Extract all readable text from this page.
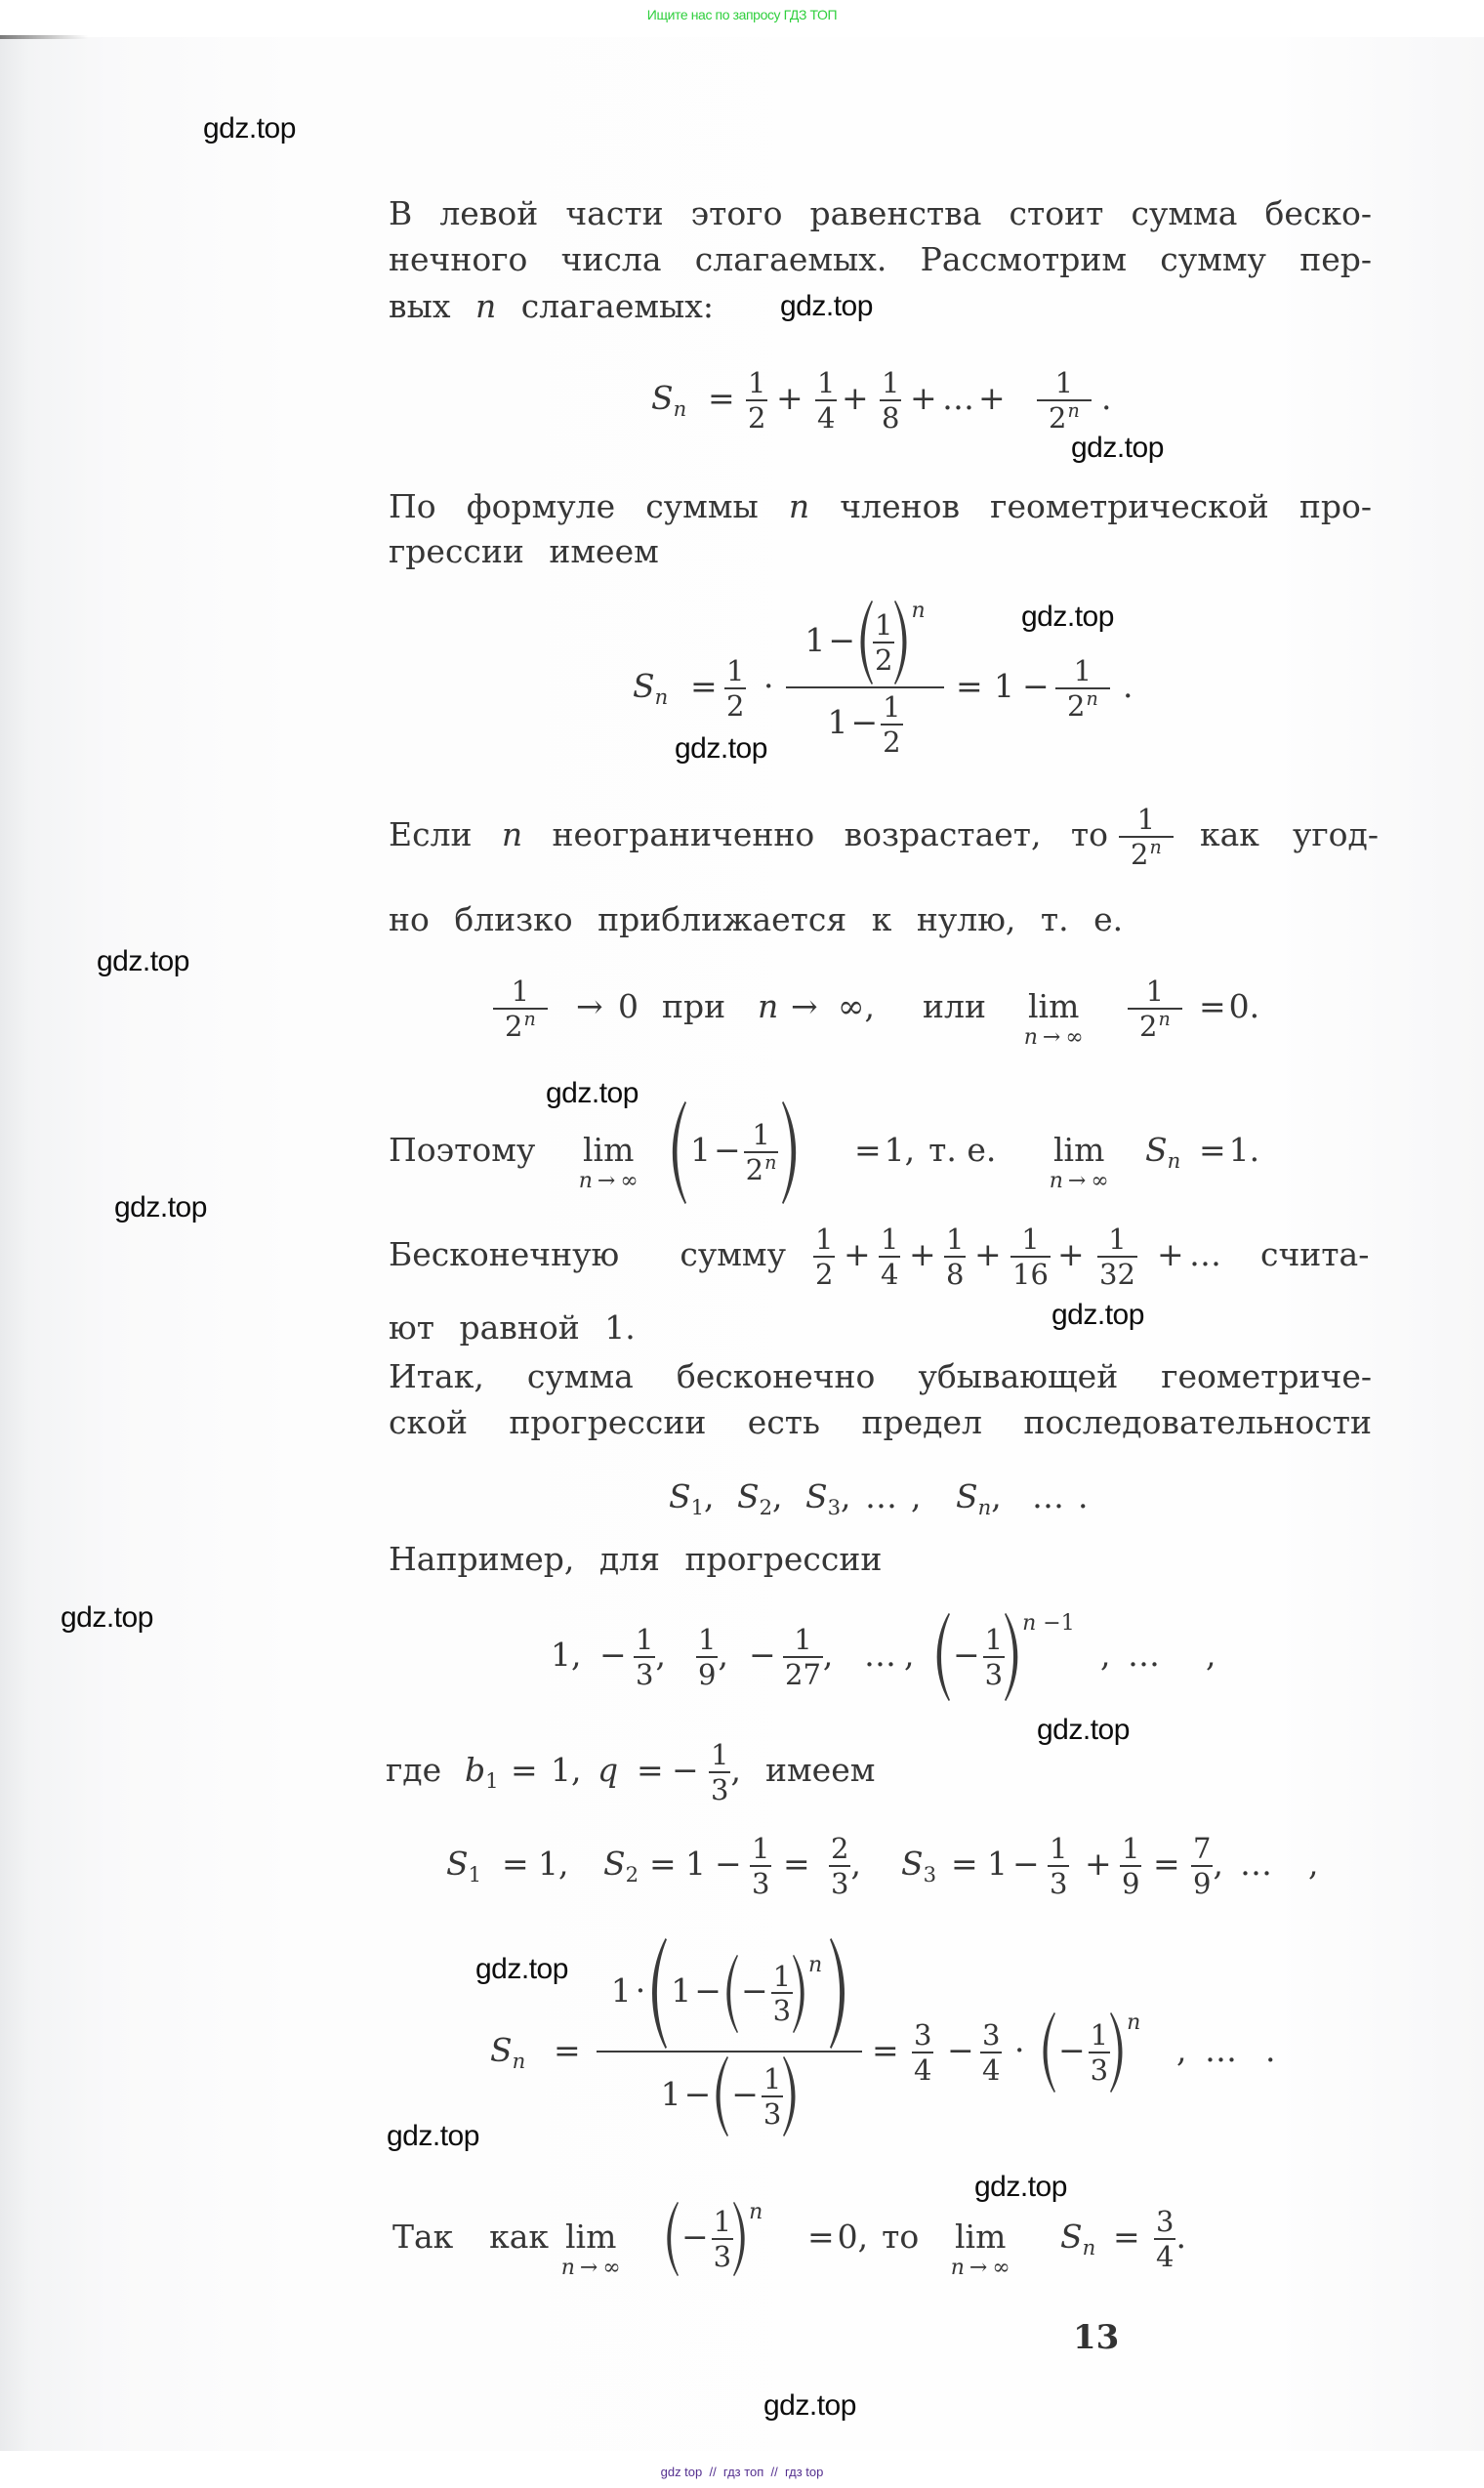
Ищите нас по запросу ГДЗ ТОП
В левой части этого равенства стоит сумма беско-
нечного числа слагаемых. Рассмотрим сумму пер-
вых n слагаемых:
S $n = \frac{1}{2} + \frac{1}{4} + \frac{1}{8}$ + … + $\frac{1}{2^n}$ .
По формуле суммы n членов геометрической про-
грессии имеем
S $n = \frac{1}{2}$ ·
$1 - \frac{1}{2}$ n
$1 - \frac{1}{2}$
= $1 - \frac{1}{2^n}$ .
Если n неограниченно возрастает, то $\frac{1}{2^n}$ как угод-
но близко приближается к нулю, т. е.
$\frac{1}{2^n} \to 0$ при n → ∞ , или lim
n → ∞ $\frac{1}{2^n} = 0$ .
Поэтому lim
n → ∞
$1 - \frac{1}{2^n} = 1$, т. е. lim
n → ∞
S n = 1 .
Бесконечную сумму $\frac{1}{2} + \frac{1}{4} + \frac{1}{8} + \frac{1}{16} + \frac{1}{32}$ + … счита-
ют равной 1.
Итак, сумма бесконечно убывающей геометриче-
ской прогрессии есть предел последовательности
S 1 , S 2 , S 3 , … , S n , … .
Например, для прогрессии
1 , − $\frac{1}{3}$ , $\frac{1}{9}$ , − $\frac{1}{27}$ , … , − $\frac{1}{3}$
n −1
, … ,
где b 1 = 1, q = − $\frac{1}{3}$ , имеем
S 1 = 1, S $2 = 1 - \frac{1}{3} = \frac{2}{3}$ , S $3 = 1 - \frac{1}{3} + \frac{1}{9} = \frac{7}{9}$ , … ,
S n =
1 · 1 − − $\frac{1}{3}$ n
1 − − $\frac{1}{3}$
= $\frac{3}{4} - \frac{3}{4}$ · − $\frac{1}{3}$ n
, … .
Так как lim
n → ∞
− $\frac{1}{3}$ n
= 0, то lim
n → ∞
S $n = \frac{3}{4}$ .
13
gdz.top
gdz.top
gdz.top
gdz.top
gdz.top
gdz.top
gdz.top
gdz.top
gdz.top
gdz.top
gdz.top
gdz.top
gdz.top
gdz.top
gdz.top
gdz top  //  гдз топ  //  гдз top
